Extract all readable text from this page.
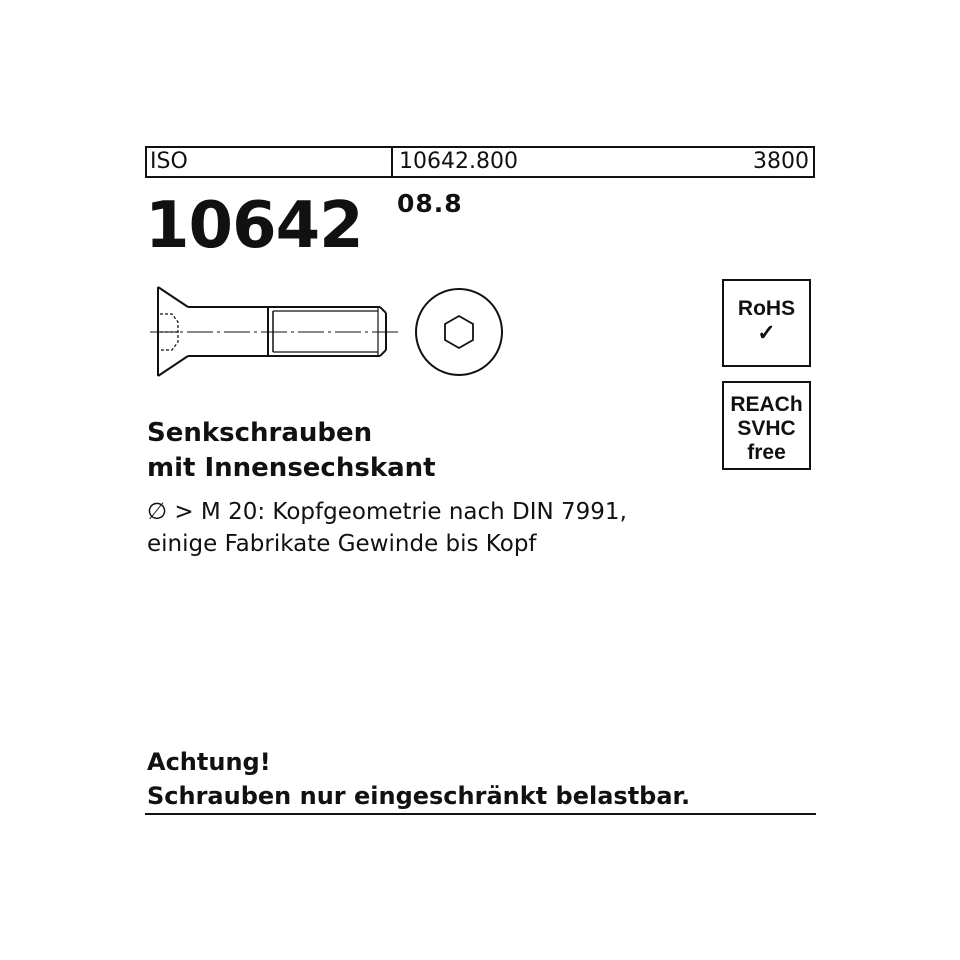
ISO	10642.800	3800
10642 08.8
RoHS
✓
REACh
SVHC
free
Senkschrauben
mit Innensechskant
∅ > M 20: Kopfgeometrie nach DIN 7991,
einige Fabrikate Gewinde bis Kopf
Achtung!
Schrauben nur eingeschränkt belastbar.
